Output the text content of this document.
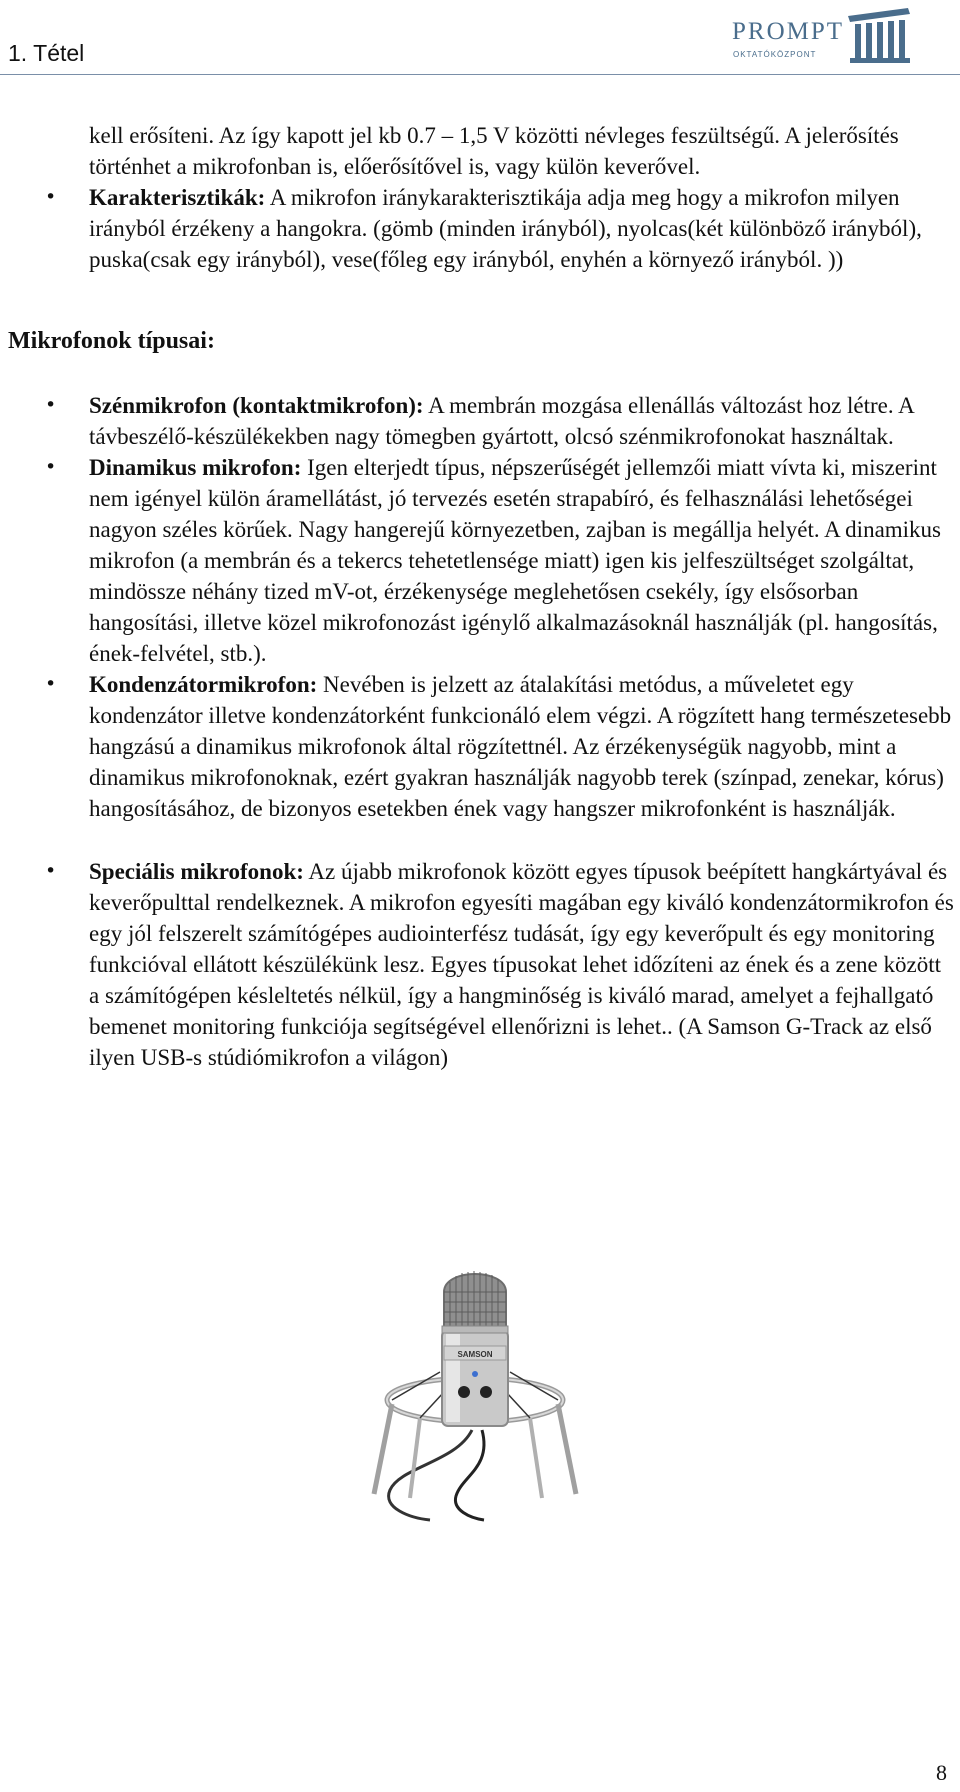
1. Tétel
PROMPT
OKTATÓKÖZPONT

kell erősíteni. Az így kapott jel kb 0.7 – 1,5 V közötti névleges feszültségű. A jelerősítés történhet a mikrofonban is, előerősítővel is, vagy külön keverővel.

• Karakterisztikák: A mikrofon iránykarakterisztikája adja meg hogy a mikrofon milyen irányból érzékeny a hangokra. (gömb (minden irányból), nyolcas(két különböző irányból), puska(csak egy irányból), vese(főleg egy irányból, enyhén a környező irányból. ))

Mikrofonok típusai:

• Szénmikrofon (kontaktmikrofon): A membrán mozgása ellenállás változást hoz létre. A távbeszélő-készülékekben nagy tömegben gyártott, olcsó szénmikrofonokat használtak.

• Dinamikus mikrofon: Igen elterjedt típus, népszerűségét jellemzői miatt vívta ki, miszerint nem igényel külön áramellátást, jó tervezés esetén strapabíró, és felhasználási lehetőségei nagyon széles körűek. Nagy hangerejű környezetben, zajban is megállja helyét. A dinamikus mikrofon (a membrán és a tekercs tehetetlensége miatt) igen kis jelfeszültséget szolgáltat, mindössze néhány tized mV-ot, érzékenysége meglehetősen csekély, így elsősorban hangosítási, illetve közel mikrofonozást igénylő alkalmazásoknál használják (pl. hangosítás, ének-felvétel, stb.).

• Kondenzátormikrofon: Nevében is jelzett az átalakítási metódus, a műveletet egy kondenzátor illetve kondenzátorként funkcionáló elem végzi. A rögzített hang természetesebb hangzású a dinamikus mikrofonok által rögzítettnél. Az érzékenységük nagyobb, mint a dinamikus mikrofonoknak, ezért gyakran használják nagyobb terek (színpad, zenekar, kórus) hangosításához, de bizonyos esetekben ének vagy hangszer mikrofonként is használják.

• Speciális mikrofonok: Az újabb mikrofonok között egyes típusok beépített hangkártyával és keverőpulttal rendelkeznek. A mikrofon egyesíti magában egy kiváló kondenzátormikrofon és egy jól felszerelt számítógépes audiointerfész tudását, így egy keverőpult és egy monitoring funkcióval ellátott készülékünk lesz. Egyes típusokat lehet időzíteni az ének és a zene között a számítógépen késleltetés nélkül, így a hangminőség is kiváló marad, amelyet a fejhallgató bemenet monitoring funkciója segítségével ellenőrizni is lehet.. (A Samson G-Track az első ilyen USB-s stúdiómikrofon a világon)

SAMSON
8
